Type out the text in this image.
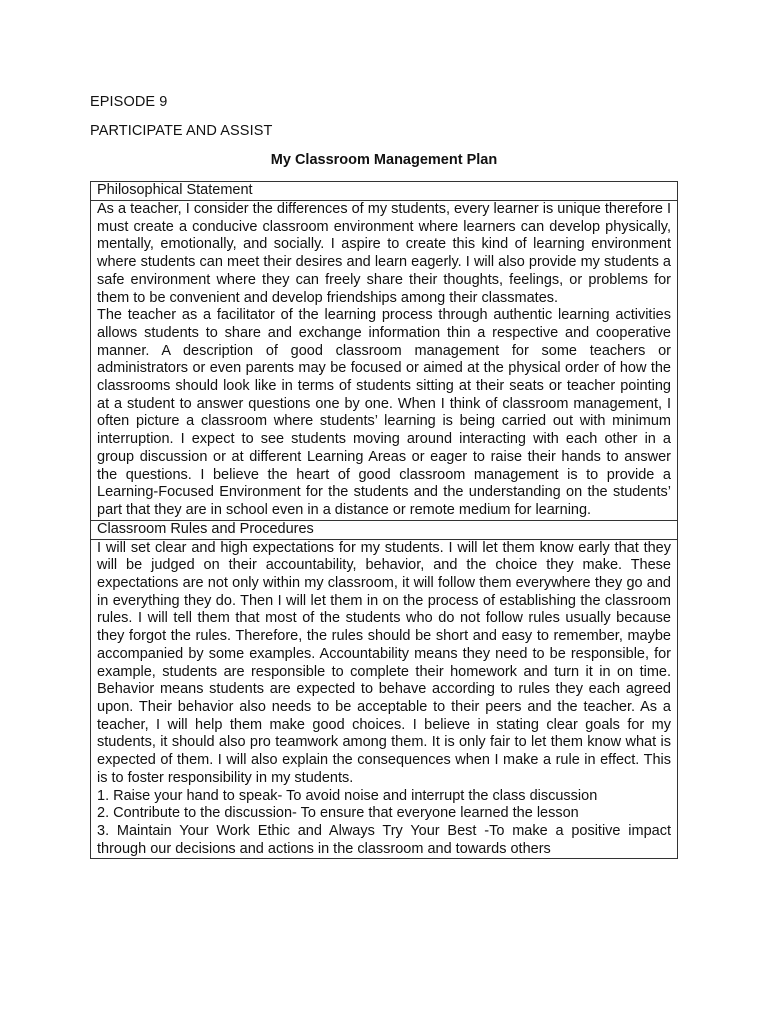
EPISODE 9
PARTICIPATE AND ASSIST
My Classroom Management Plan
Philosophical Statement

As a teacher, I consider the differences of my students, every learner is unique therefore I must create a conducive classroom environment where learners can develop physically, mentally, emotionally, and socially. I aspire to create this kind of learning environment where students can meet their desires and learn eagerly. I will also provide my students a safe environment where they can freely share their thoughts, feelings, or problems for them to be convenient and develop friendships among their classmates.

The teacher as a facilitator of the learning process through authentic learning activities allows students to share and exchange information thin a respective and cooperative manner. A description of good classroom management for some teachers or administrators or even parents may be focused or aimed at the physical order of how the classrooms should look like in terms of students sitting at their seats or teacher pointing at a student to answer questions one by one. When I think of classroom management, I often picture a classroom where students’ learning is being carried out with minimum interruption. I expect to see students moving around interacting with each other in a group discussion or at different Learning Areas or eager to raise their hands to answer the questions. I believe the heart of good classroom management is to provide a Learning-Focused Environment for the students and the understanding on the students’ part that they are in school even in a distance or remote medium for learning.

Classroom Rules and Procedures

I will set clear and high expectations for my students. I will let them know early that they will be judged on their accountability, behavior, and the choice they make. These expectations are not only within my classroom, it will follow them everywhere they go and in everything they do. Then I will let them in on the process of establishing the classroom rules. I will tell them that most of the students who do not follow rules usually because they forgot the rules. Therefore, the rules should be short and easy to remember, maybe accompanied by some examples. Accountability means they need to be responsible, for example, students are responsible to complete their homework and turn it in on time. Behavior means students are expected to behave according to rules they each agreed upon. Their behavior also needs to be acceptable to their peers and the teacher. As a teacher, I will help them make good choices. I believe in stating clear goals for my students, it should also pro teamwork among them. It is only fair to let them know what is expected of them. I will also explain the consequences when I make a rule in effect. This is to foster responsibility in my students.

1. Raise your hand to speak- To avoid noise and interrupt the class discussion

2. Contribute to the discussion- To ensure that everyone learned the lesson

3. Maintain Your Work Ethic and Always Try Your Best -To make a positive impact through our decisions and actions in the classroom and towards others
